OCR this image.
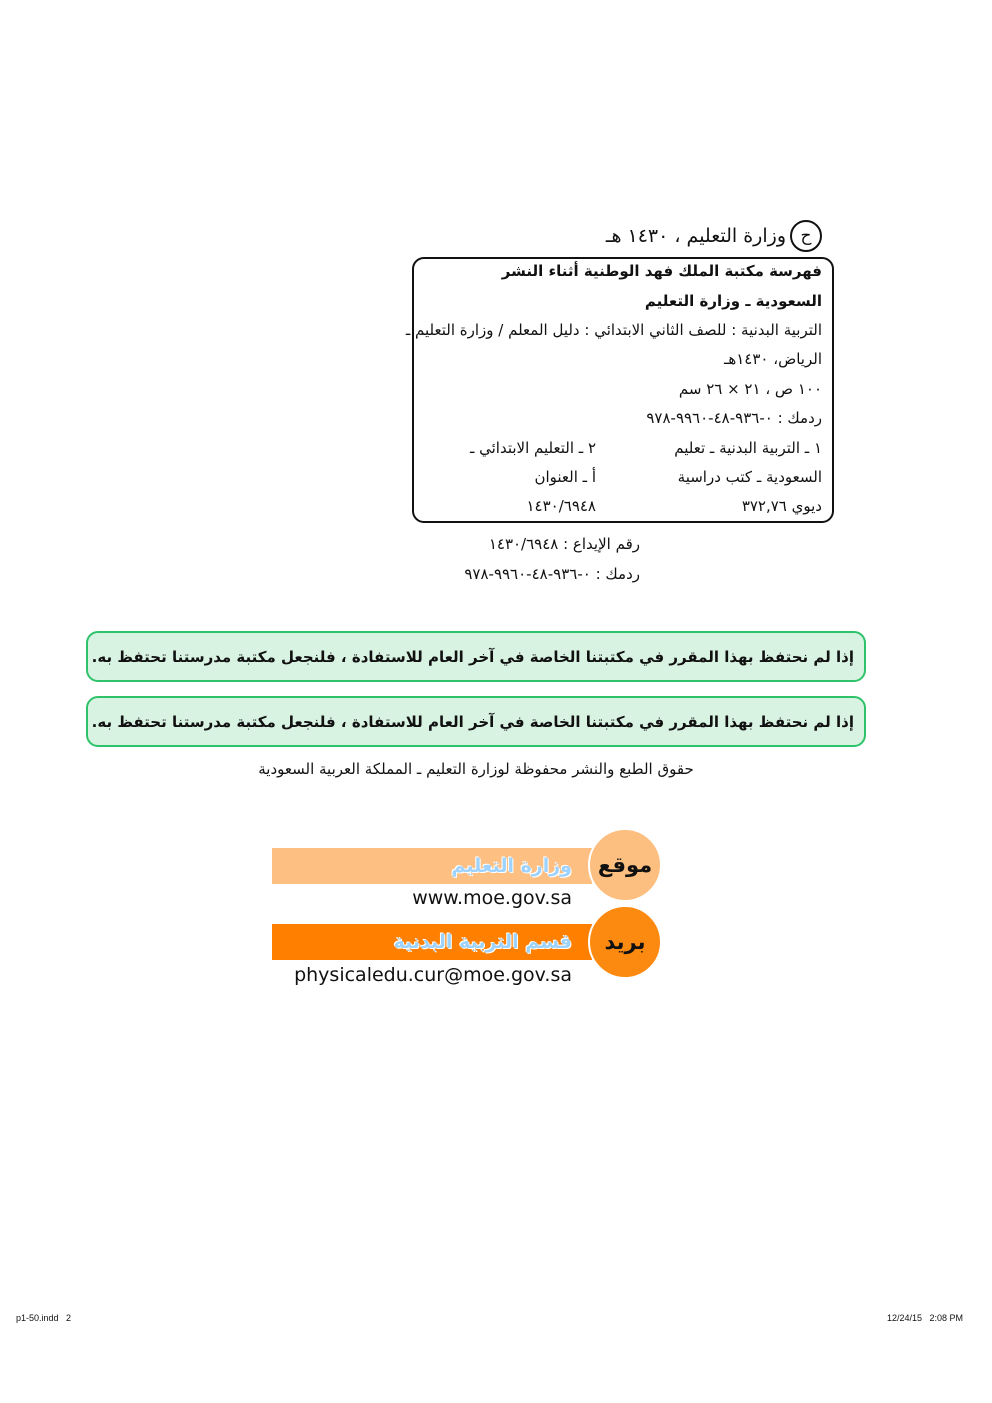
ح
وزارة التعليم ، ١٤٣٠ هـ
فهرسة مكتبة الملك فهد الوطنية أثناء النشر
السعودية ـ وزارة التعليم
التربية البدنية : للصف الثاني الابتدائي : دليل المعلم / وزارة التعليم ـ
الرياض، ١٤٣٠هـ
١٠٠ ص ، ٢١ × ٢٦ سم
ردمك : ٠-٩٣٦-٤٨-٩٩٦٠-٩٧٨
١ ـ التربية البدنية ـ تعليم
السعودية ـ كتب دراسية
ديوي ٣٧٢,٧٦
٢ ـ التعليم الابتدائي ـ
أ ـ العنوان
١٤٣٠/٦٩٤٨
رقم الإيداع : ١٤٣٠/٦٩٤٨
ردمك : ٠-٩٣٦-٤٨-٩٩٦٠-٩٧٨
إذا لم نحتفظ بهذا المقرر في مكتبتنا الخاصة في آخر العام للاستفادة ، فلنجعل مكتبة مدرستنا تحتفظ به.
إذا لم نحتفظ بهذا المقرر في مكتبتنا الخاصة في آخر العام للاستفادة ، فلنجعل مكتبة مدرستنا تحتفظ به.
حقوق الطبع والنشر محفوظة لوزارة التعليم ـ المملكة العربية السعودية
وزارة التعليم موقع
www.moe.gov.sa
قسم التربية البدنية بريد
physicaledu.cur@moe.gov.sa
p1-50.indd   2	12/24/15   2:08 PM
